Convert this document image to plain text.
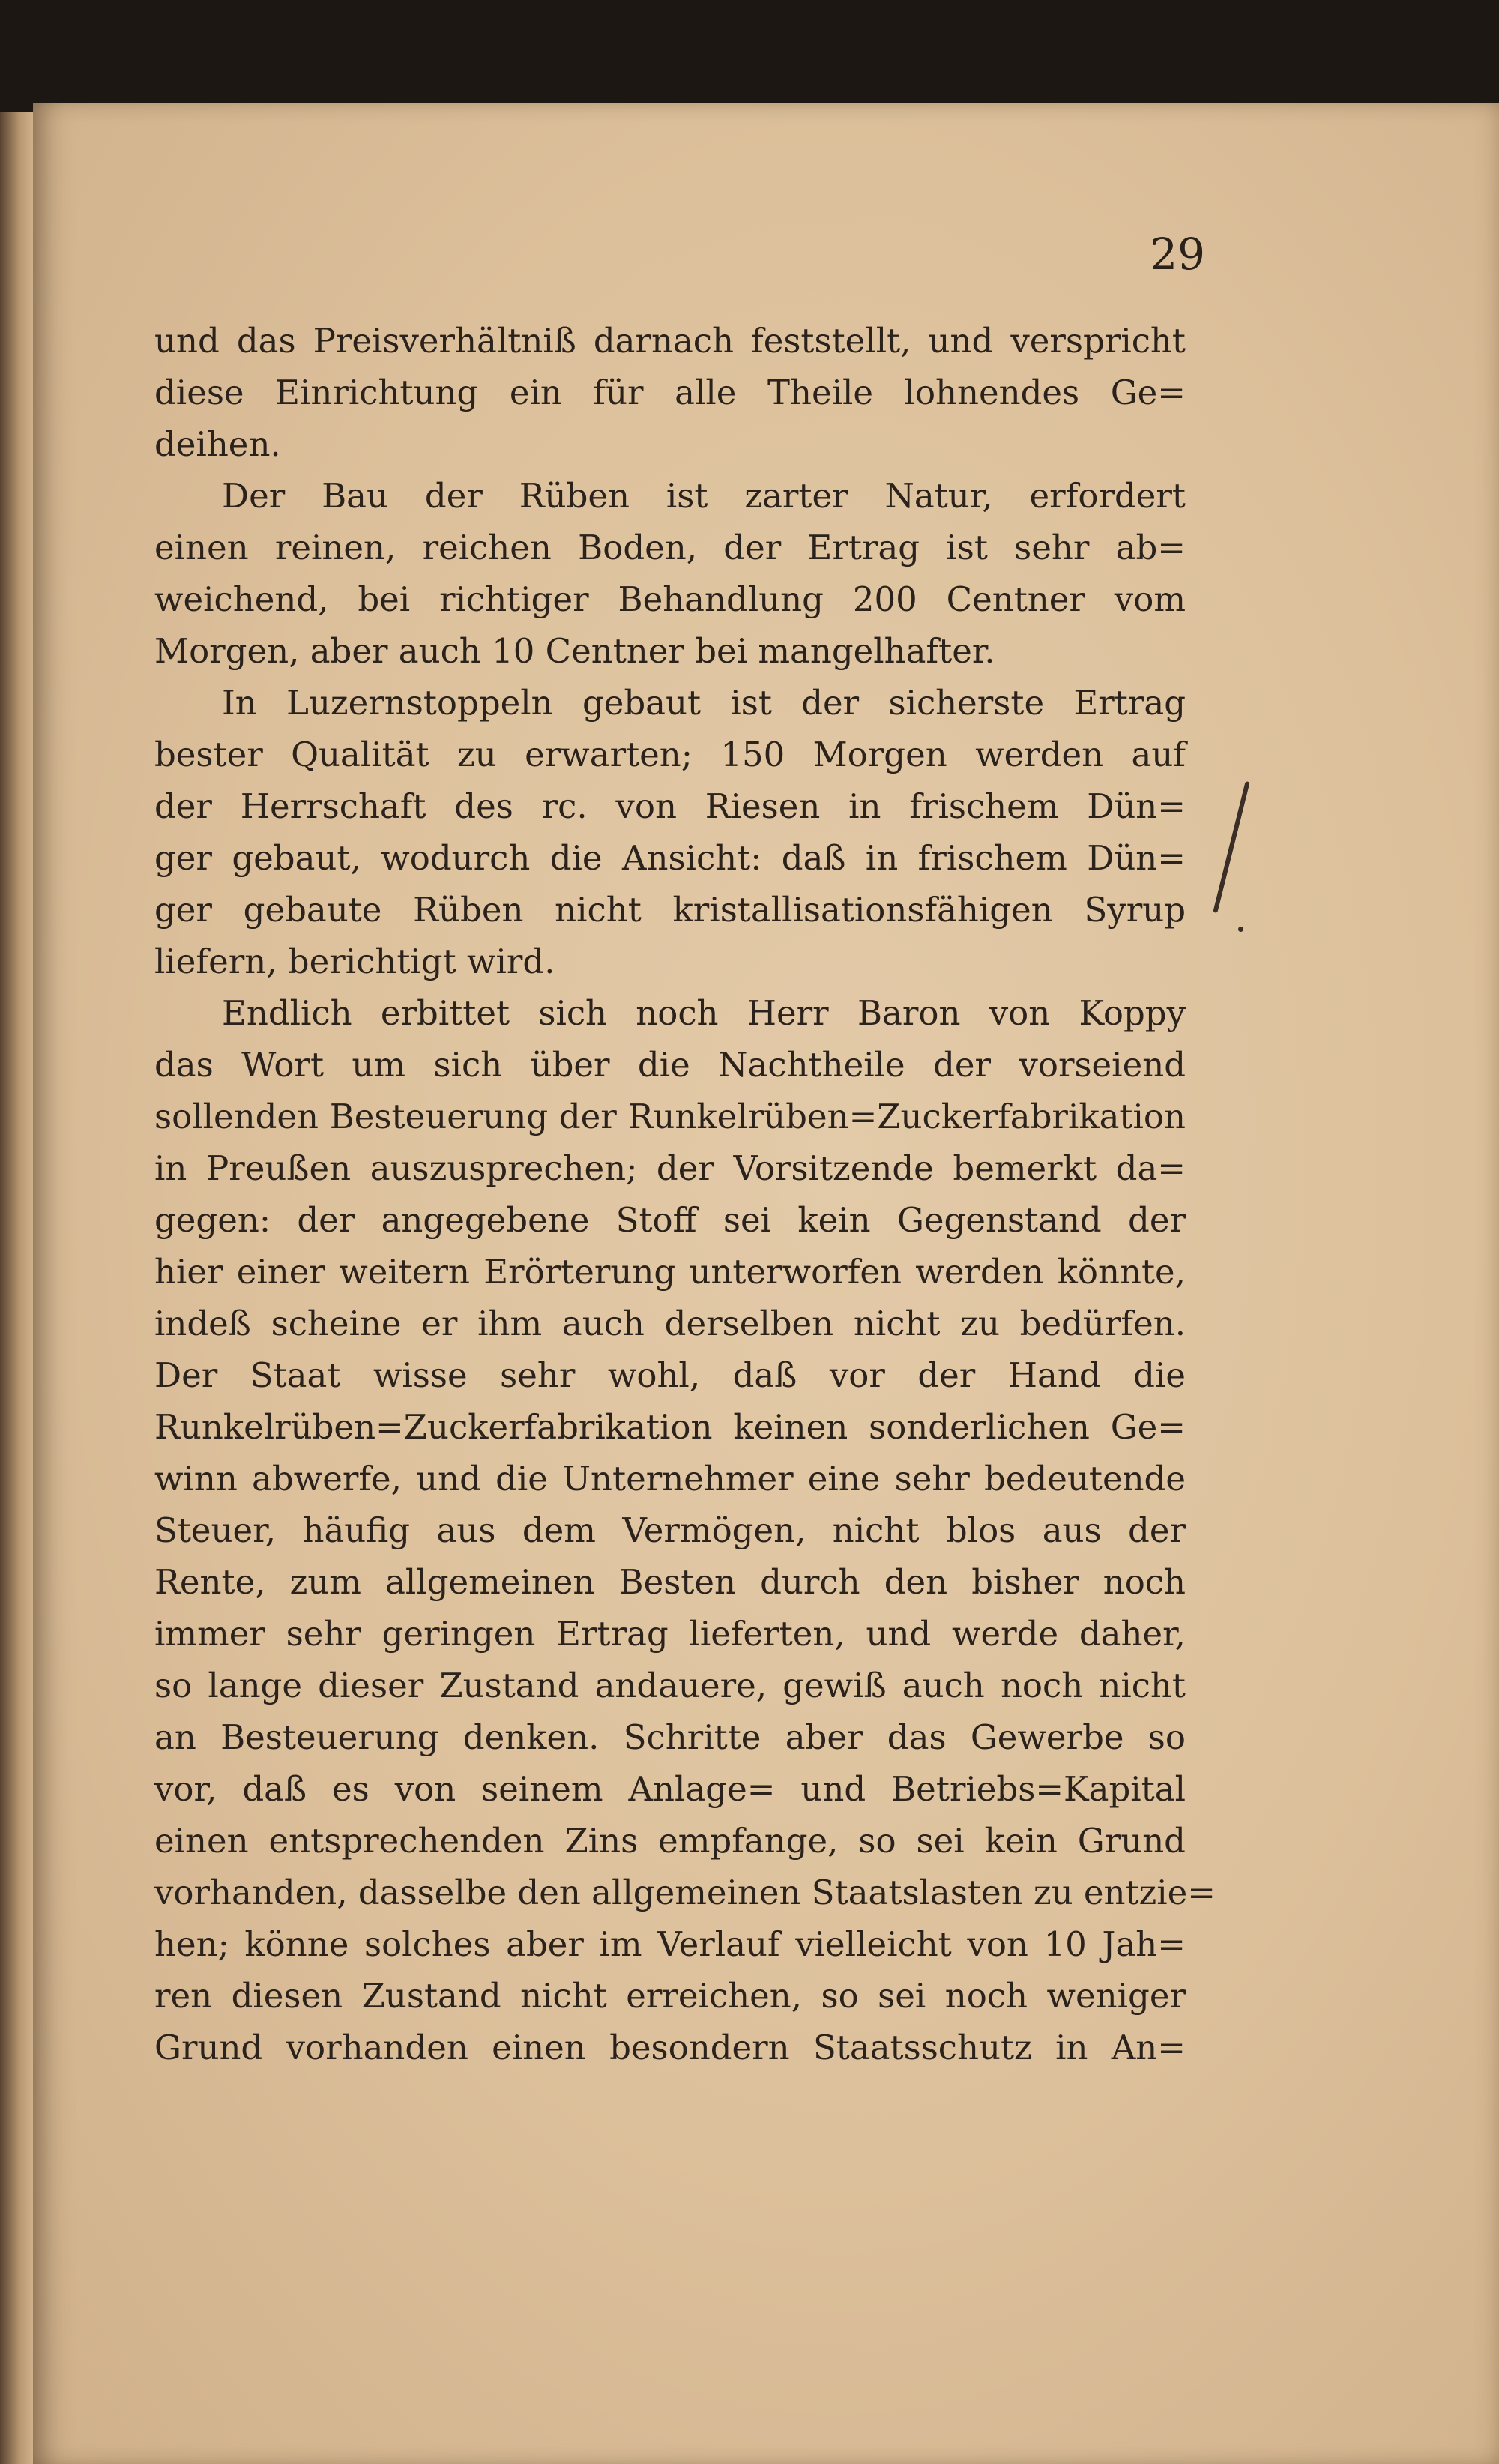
29
und das Preisverhältniß darnach feststellt, und verspricht
diese Einrichtung ein für alle Theile lohnendes Ge=
deihen.
Der Bau der Rüben ist zarter Natur, erfordert
einen reinen, reichen Boden, der Ertrag ist sehr ab=
weichend, bei richtiger Behandlung 200 Centner vom
Morgen, aber auch 10 Centner bei mangelhafter.
In Luzernstoppeln gebaut ist der sicherste Ertrag
bester Qualität zu erwarten; 150 Morgen werden auf
der Herrschaft des rc. von Riesen in frischem Dün=
ger gebaut, wodurch die Ansicht: daß in frischem Dün=
ger gebaute Rüben nicht kristallisationsfähigen Syrup
liefern, berichtigt wird.
Endlich erbittet sich noch Herr Baron von Koppy
das Wort um sich über die Nachtheile der vorseiend
sollenden Besteuerung der Runkelrüben=Zuckerfabrikation
in Preußen auszusprechen; der Vorsitzende bemerkt da=
gegen: der angegebene Stoff sei kein Gegenstand der
hier einer weitern Erörterung unterworfen werden könnte,
indeß scheine er ihm auch derselben nicht zu bedürfen.
Der Staat wisse sehr wohl, daß vor der Hand die
Runkelrüben=Zuckerfabrikation keinen sonderlichen Ge=
winn abwerfe, und die Unternehmer eine sehr bedeutende
Steuer, häufig aus dem Vermögen, nicht blos aus der
Rente, zum allgemeinen Besten durch den bisher noch
immer sehr geringen Ertrag lieferten, und werde daher,
so lange dieser Zustand andauere, gewiß auch noch nicht
an Besteuerung denken. Schritte aber das Gewerbe so
vor, daß es von seinem Anlage= und Betriebs=Kapital
einen entsprechenden Zins empfange, so sei kein Grund
vorhanden, dasselbe den allgemeinen Staatslasten zu entzie=
hen; könne solches aber im Verlauf vielleicht von 10 Jah=
ren diesen Zustand nicht erreichen, so sei noch weniger
Grund vorhanden einen besondern Staatsschutz in An=
